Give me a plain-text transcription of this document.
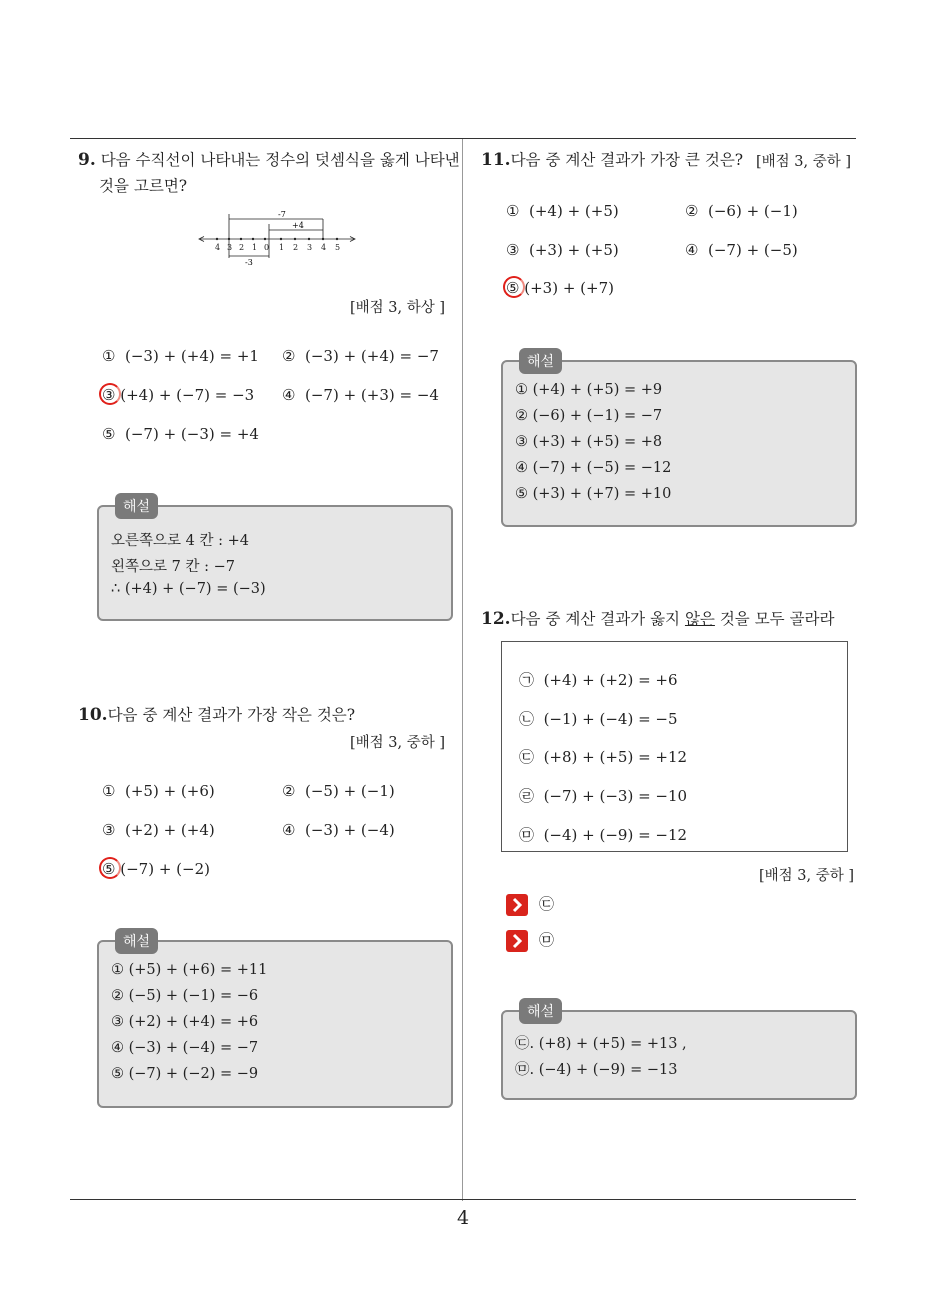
4
9. 다음 수직선이 나타내는 정수의 덧셈식을 옳게 나타낸
것을 고르면?
-7
+4
-3
4 3 2 1 0 1 2 3 4 5
[배점 3, 하상 ]
① (−3) + (+4) = +1 ② (−3) + (+4) = −7
③ (+4) + (−7) = −3 ④ (−7) + (+3) = −4
⑤ (−7) + (−3) = +4
해설
오른쪽으로 4 칸 : +4
왼쪽으로 7 칸 : −7
∴ (+4) + (−7) = (−3)
10.다음 중 계산 결과가 가장 작은 것은?
[배점 3, 중하 ]
① (+5) + (+6)	② (−5) + (−1)
③ (+2) + (+4)	④ (−3) + (−4)
⑤ (−7) + (−2)
해설
① (+5) + (+6) = +11
② (−5) + (−1) = −6
③ (+2) + (+4) = +6
④ (−3) + (−4) = −7
⑤ (−7) + (−2) = −9
11.다음 중 계산 결과가 가장 큰 것은? [배점 3, 중하 ]
① (+4) + (+5)	② (−6) + (−1)
③ (+3) + (+5)	④ (−7) + (−5)
⑤ (+3) + (+7)
해설
① (+4) + (+5) = +9
② (−6) + (−1) = −7
③ (+3) + (+5) = +8
④ (−7) + (−5) = −12
⑤ (+3) + (+7) = +10
12.다음 중 계산 결과가 옳지 않은 것을 모두 골라라
㉠ (+4) + (+2) = +6
㉡ (−1) + (−4) = −5
㉢ (+8) + (+5) = +12
㉣ (−7) + (−3) = −10
㉤ (−4) + (−9) = −12
[배점 3, 중하 ]
㉢
㉤
해설
㉢. (+8) + (+5) = +13 ,
㉤. (−4) + (−9) = −13
